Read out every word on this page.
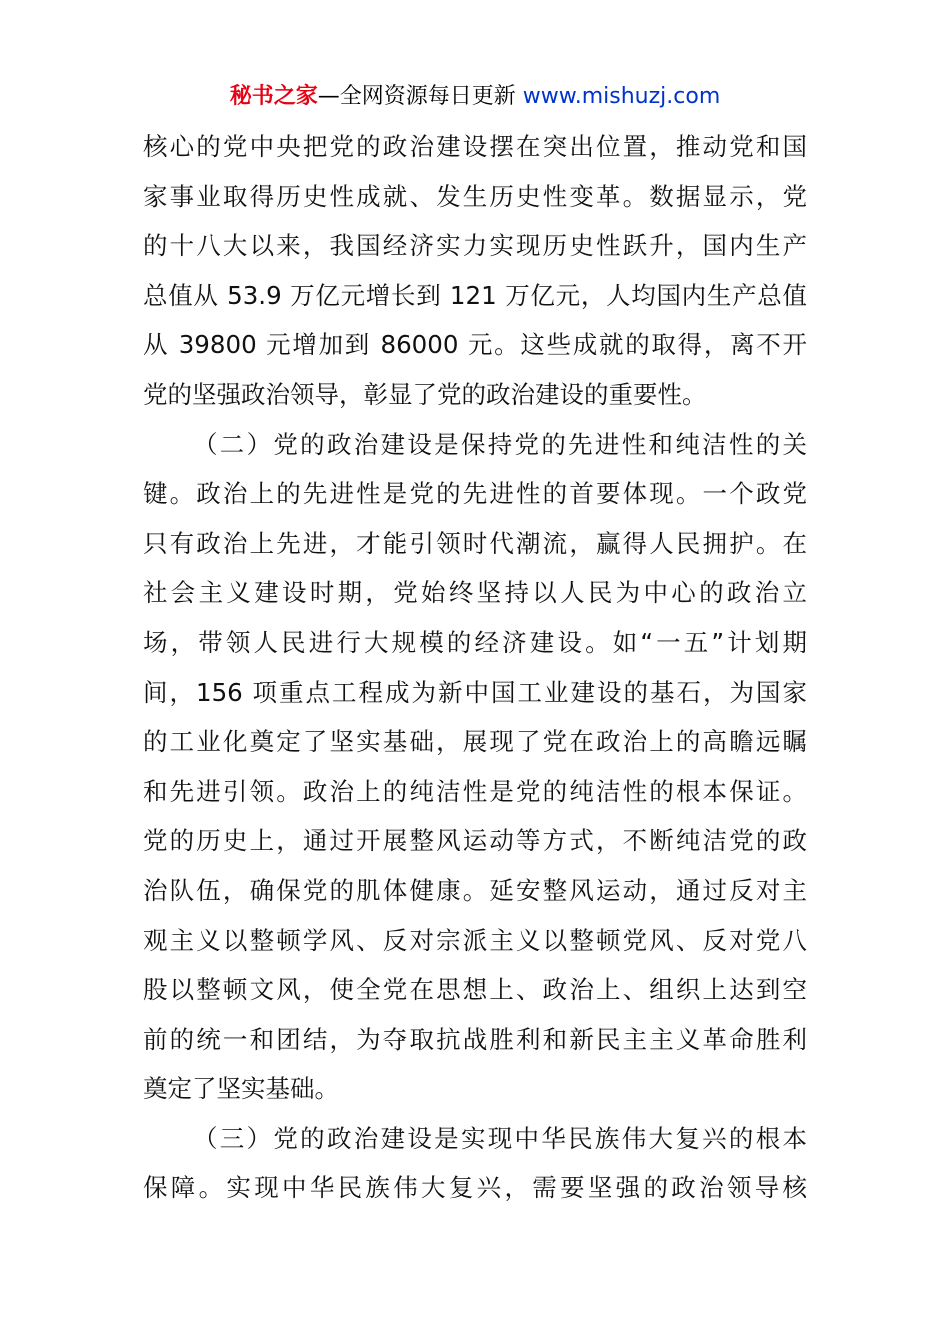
秘书之家—全网资源每日更新 www.mishuzj.com
核心的党中央把党的政治建设摆在突出位置，推动党和国
家事业取得历史性成就、发生历史性变革。数据显示，党
的十八大以来，我国经济实力实现历史性跃升，国内生产
总值从 53.9 万亿元增长到 121 万亿元，人均国内生产总值
从 39800 元增加到 86000 元。这些成就的取得，离不开
党的坚强政治领导，彰显了党的政治建设的重要性。
（二）党的政治建设是保持党的先进性和纯洁性的关
键。政治上的先进性是党的先进性的首要体现。一个政党
只有政治上先进，才能引领时代潮流，赢得人民拥护。在
社会主义建设时期，党始终坚持以人民为中心的政治立
场，带领人民进行大规模的经济建设。如“一五”计划期
间，156 项重点工程成为新中国工业建设的基石，为国家
的工业化奠定了坚实基础，展现了党在政治上的高瞻远瞩
和先进引领。政治上的纯洁性是党的纯洁性的根本保证。
党的历史上，通过开展整风运动等方式，不断纯洁党的政
治队伍，确保党的肌体健康。延安整风运动，通过反对主
观主义以整顿学风、反对宗派主义以整顿党风、反对党八
股以整顿文风，使全党在思想上、政治上、组织上达到空
前的统一和团结，为夺取抗战胜利和新民主主义革命胜利
奠定了坚实基础。
（三）党的政治建设是实现中华民族伟大复兴的根本
保障。实现中华民族伟大复兴，需要坚强的政治领导核
